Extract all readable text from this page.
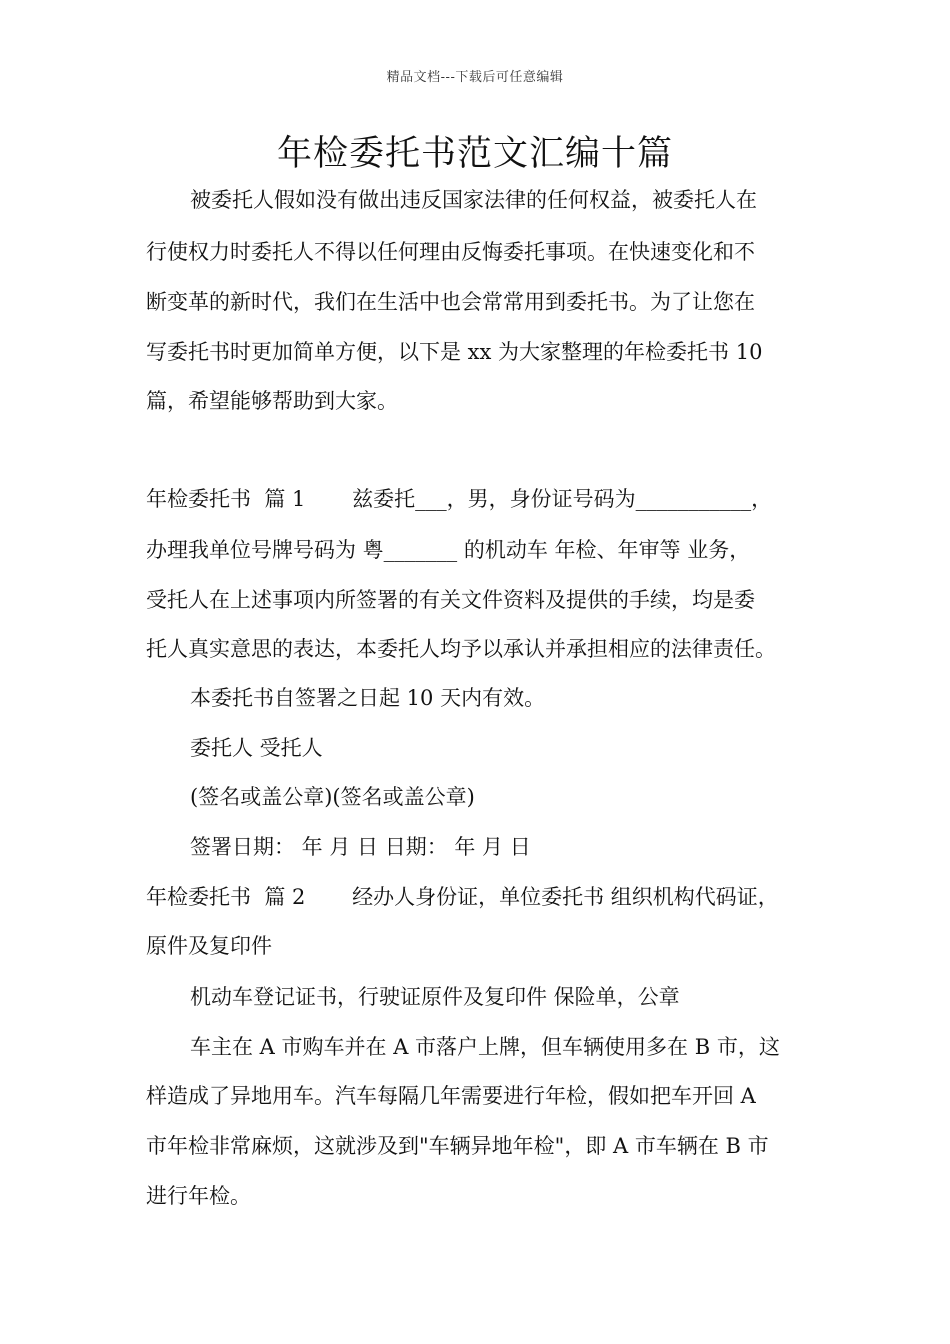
精品文档---下载后可任意编辑
年检委托书范文汇编十篇

被委托人假如没有做出违反国家法律的任何权益，被委托人在

行使权力时委托人不得以任何理由反悔委托事项。在快速变化和不

断变革的新时代，我们在生活中也会常常用到委托书。为了让您在

写委托书时更加简单方便，以下是 xx 为大家整理的年检委托书 10

篇，希望能够帮助到大家。

年检委托书  篇 1       兹委托___，男，身份证号码为___________，

办理我单位号牌号码为 粤_______ 的机动车 年检、年审等 业务，

受托人在上述事项内所签署的有关文件资料及提供的手续，均是委

托人真实意思的表达，本委托人均予以承认并承担相应的法律责任。

本委托书自签署之日起 10 天内有效。

委托人 受托人

(签名或盖公章)(签名或盖公章)

签署日期： 年 月 日 日期： 年 月 日

年检委托书  篇 2       经办人身份证，单位委托书 组织机构代码证，

原件及复印件

机动车登记证书，行驶证原件及复印件 保险单，公章

车主在 A 市购车并在 A 市落户上牌，但车辆使用多在 B 市，这

样造成了异地用车。汽车每隔几年需要进行年检，假如把车开回 A

市年检非常麻烦，这就涉及到"车辆异地年检"，即 A 市车辆在 B 市

进行年检。
